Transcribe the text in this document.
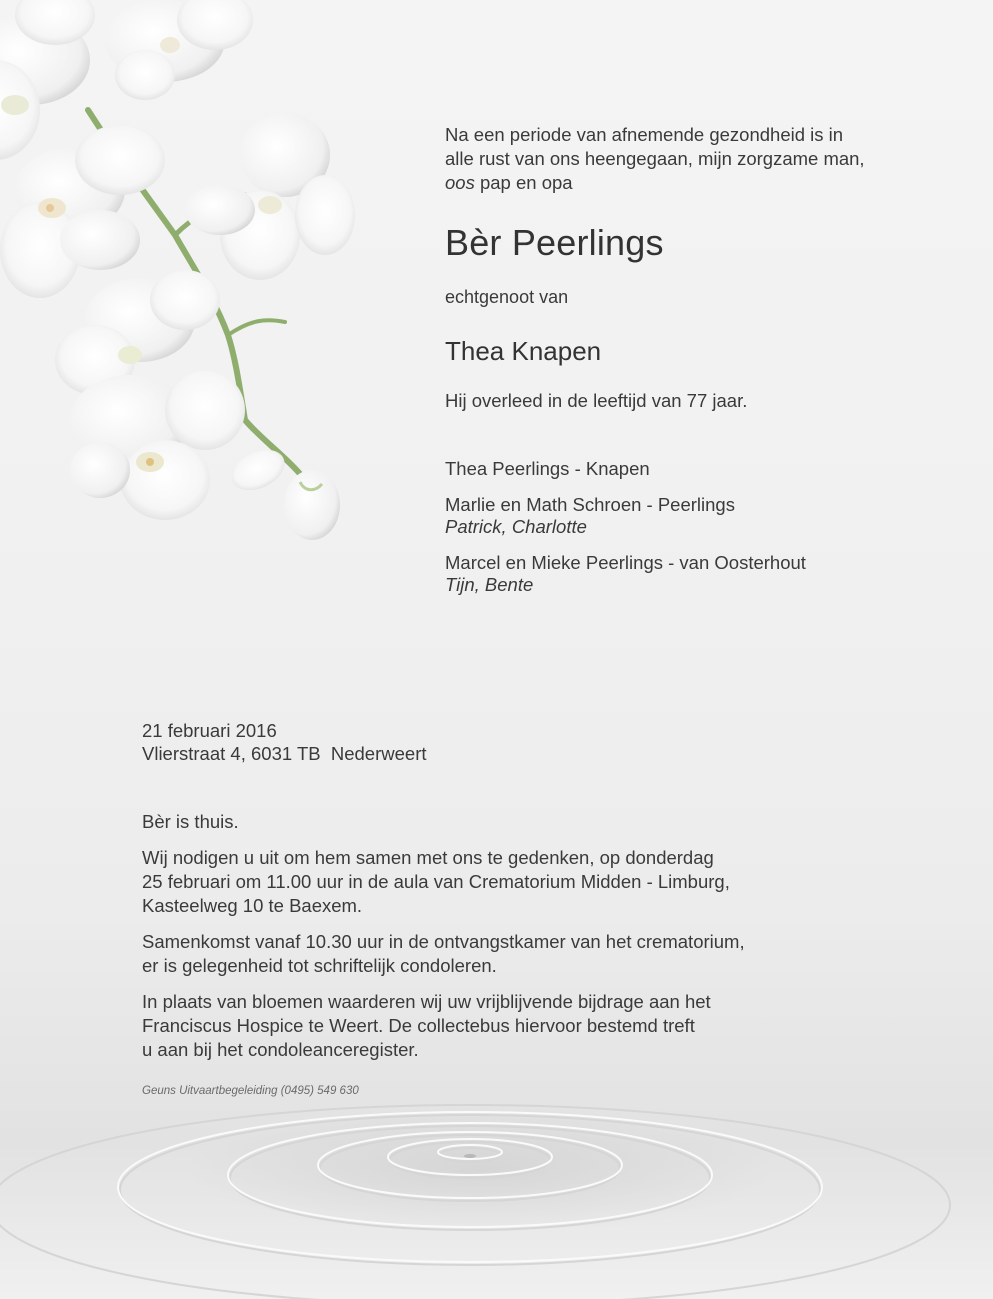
Na een periode van afnemende gezondheid is in

alle rust van ons heengegaan, mijn zorgzame man,

oos pap en opa

Bèr Peerlings
echtgenoot van
Thea Knapen
Hij overleed in de leeftijd van 77 jaar.
Thea Peerlings - Knapen
Marlie en Math Schroen - Peerlings
Patrick, Charlotte
Marcel en Mieke Peerlings - van Oosterhout
Tijn, Bente
21 februari 2016
Vlierstraat 4, 6031 TB  Nederweert

Bèr is thuis.

Wij nodigen u uit om hem samen met ons te gedenken, op donderdag
25 februari om 11.00 uur in de aula van Crematorium Midden - Limburg,
Kasteelweg 10 te Baexem.

Samenkomst vanaf 10.30 uur in de ontvangstkamer van het crematorium,
er is gelegenheid tot schriftelijk condoleren.

In plaats van bloemen waarderen wij uw vrijblijvende bijdrage aan het
Franciscus Hospice te Weert. De collectebus hiervoor bestemd treft
u aan bij het condoleanceregister.

Geuns Uitvaartbegeleiding (0495) 549 630
